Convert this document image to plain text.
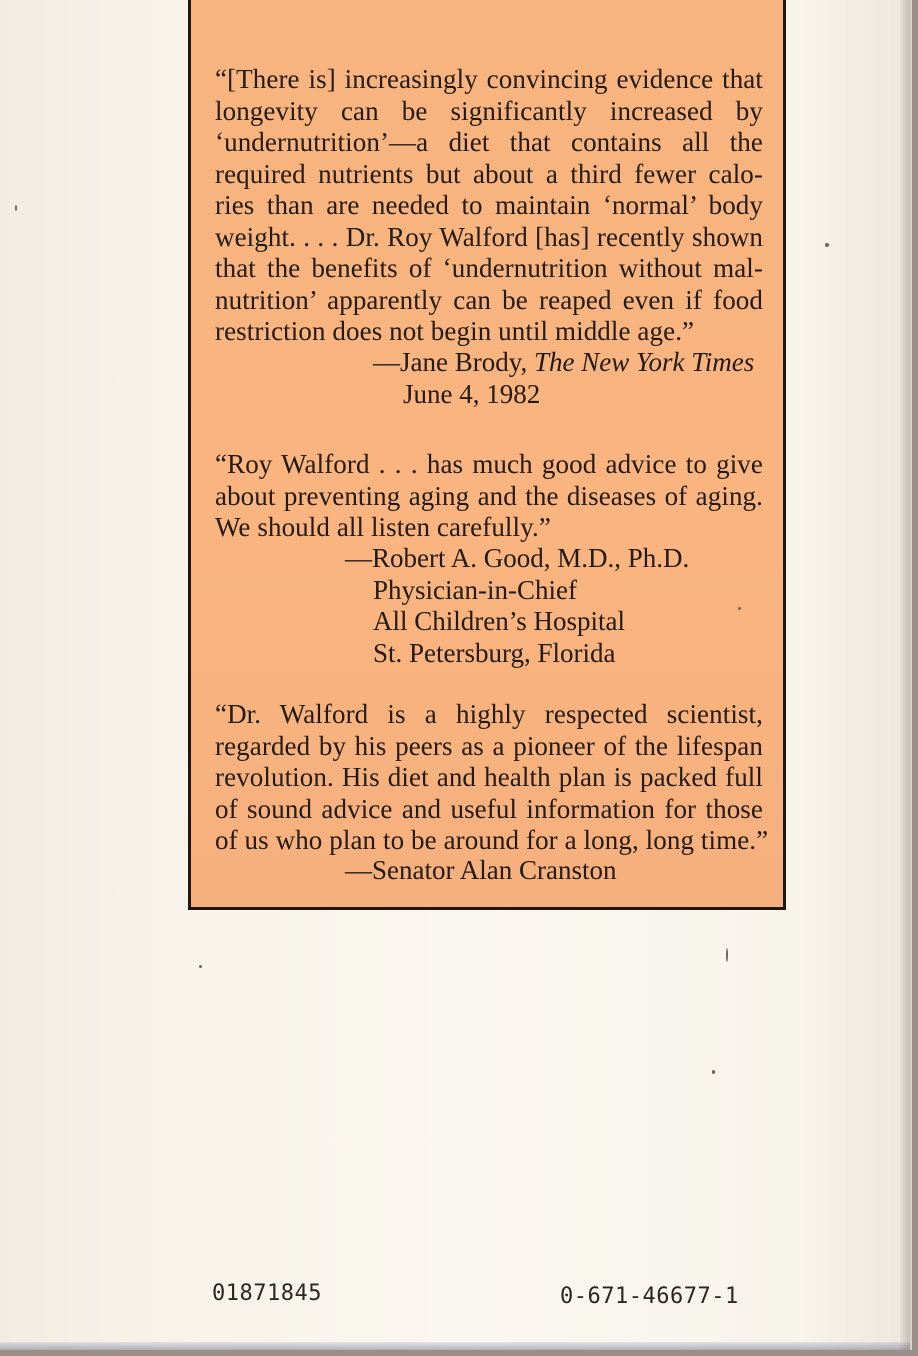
“[There is] increasingly convincing evidence that
longevity can be significantly increased by
‘undernutrition’—a diet that contains all the
required nutrients but about a third fewer calo-
ries than are needed to maintain ‘normal’ body
weight. . . . Dr. Roy Walford [has] recently shown
that the benefits of ‘undernutrition without mal-
nutrition’ apparently can be reaped even if food
restriction does not begin until middle age.”
—Jane Brody, The New York Times
June 4, 1982
“Roy Walford . . . has much good advice to give
about preventing aging and the diseases of aging.
We should all listen carefully.”
—Robert A. Good, M.D., Ph.D.
Physician-in-Chief
All Children’s Hospital
St. Petersburg, Florida
“Dr. Walford is a highly respected scientist,
regarded by his peers as a pioneer of the lifespan
revolution. His diet and health plan is packed full
of sound advice and useful information for those
of us who plan to be around for a long, long time.”
—Senator Alan Cranston
01871845	0-671-46677-1
